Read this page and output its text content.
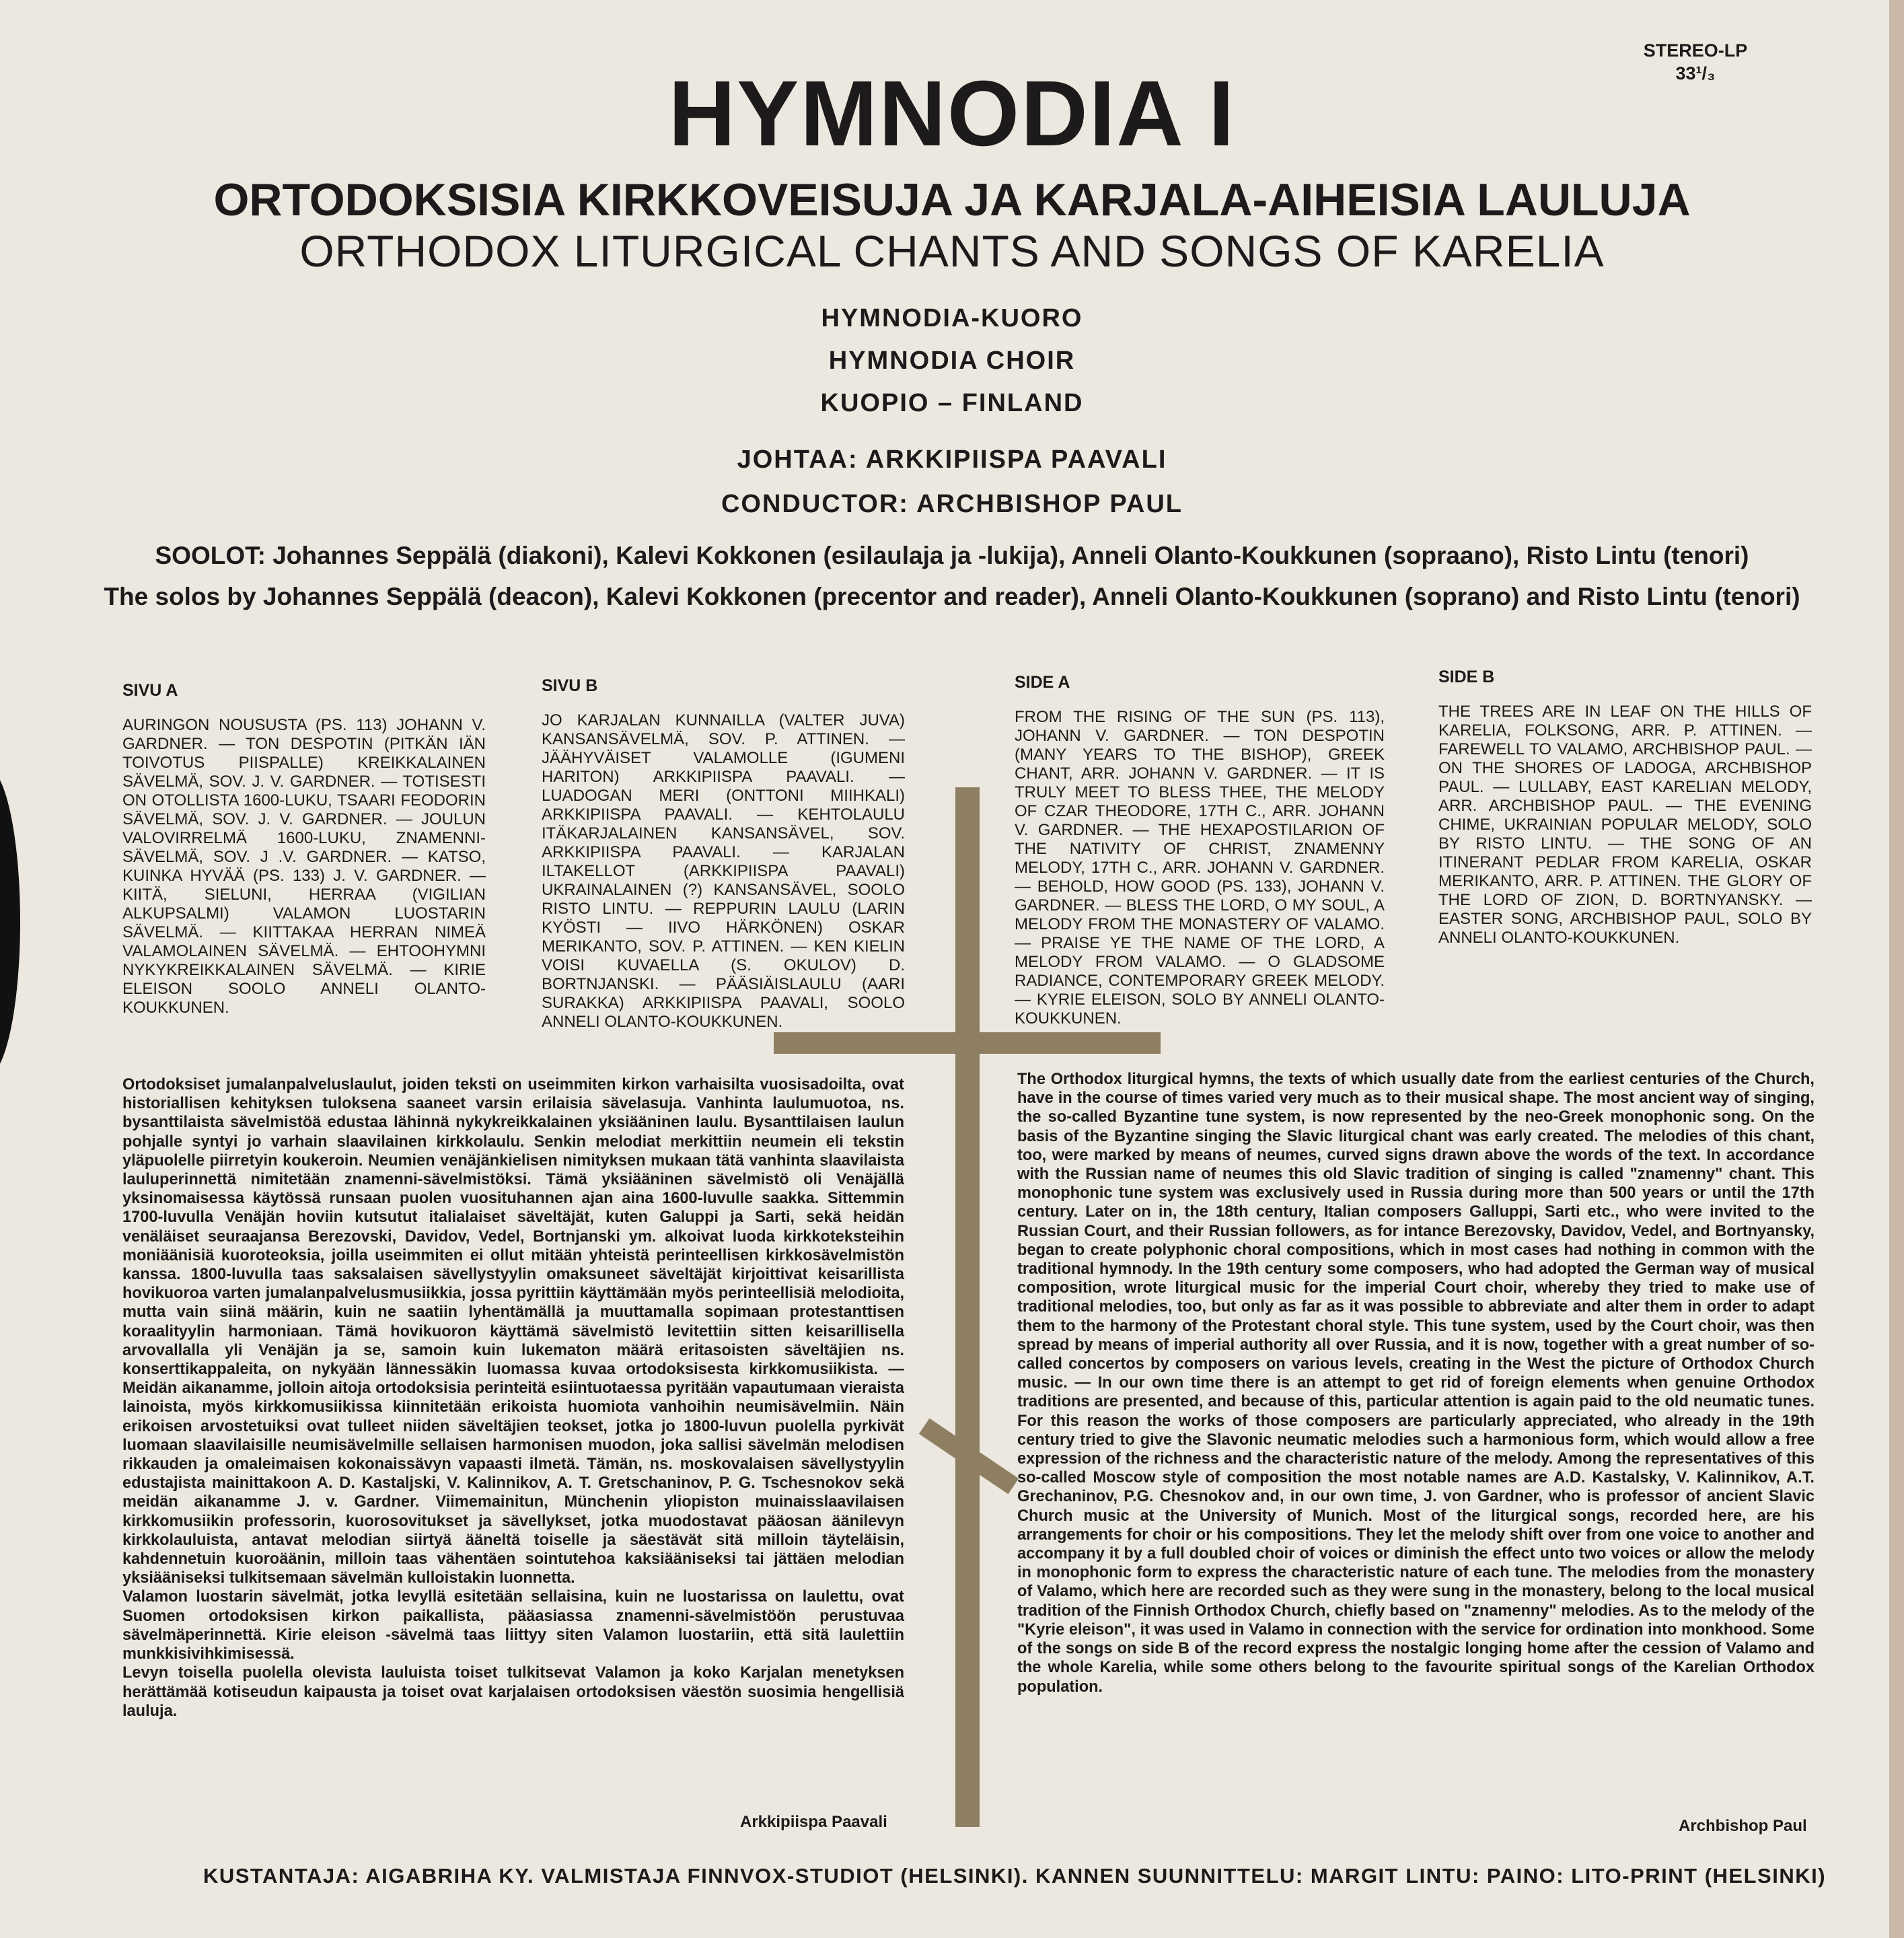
STEREO-LP
33¹/₃
HYMNODIA I
ORTODOKSISIA KIRKKOVEISUJA JA KARJALA-AIHEISIA LAULUJA
ORTHODOX LITURGICAL CHANTS AND SONGS OF KARELIA
HYMNODIA-KUORO
HYMNODIA CHOIR
KUOPIO – FINLAND
JOHTAA: ARKKIPIISPA PAAVALI
CONDUCTOR: ARCHBISHOP PAUL
SOOLOT: Johannes Seppälä (diakoni), Kalevi Kokkonen (esilaulaja ja -lukija), Anneli Olanto-Koukkunen (sopraano), Risto Lintu (tenori)
The solos by Johannes Seppälä (deacon), Kalevi Kokkonen (precentor and reader), Anneli Olanto-Koukkunen (soprano) and Risto Lintu (tenori)
SIVU A
AURINGON NOUSUSTA (PS. 113) JOHANN V. GARDNER. — TON DESPOTIN (PITKÄN IÄN TOIVOTUS PIISPALLE) KREIKKALAINEN SÄVELMÄ, SOV. J. V. GARDNER. — TOTISESTI ON OTOLLISTA 1600-LUKU, TSAARI FEODORIN SÄVELMÄ, SOV. J. V. GARDNER. — JOULUN VALOVIRRELMÄ 1600-LUKU, ZNAMENNI-SÄVELMÄ, SOV. J .V. GARDNER. — KATSO, KUINKA HYVÄÄ (PS. 133) J. V. GARDNER. — KIITÄ, SIELUNI, HERRAA (VIGILIAN ALKUPSALMI) VALAMON LUOSTARIN SÄVELMÄ. — KIITTAKAA HERRAN NIMEÄ VALAMOLAINEN SÄVELMÄ. — EHTOOHYMNI NYKYKREIKKALAINEN SÄVELMÄ. — KIRIE ELEISON SOOLO ANNELI OLANTO-KOUKKUNEN.
SIVU B
JO KARJALAN KUNNAILLA (VALTER JUVA) KANSANSÄVELMÄ, SOV. P. ATTINEN. — JÄÄHYVÄISET VALAMOLLE (IGUMENI HARITON) ARKKIPIISPA PAAVALI. — LUADOGAN MERI (ONTTONI MIIHKALI) ARKKIPIISPA PAAVALI. — KEHTOLAULU ITÄKARJALAINEN KANSANSÄVEL, SOV. ARKKIPIISPA PAAVALI. — KARJALAN ILTAKELLOT (ARKKIPIISPA PAAVALI) UKRAINALAINEN (?) KANSANSÄVEL, SOOLO RISTO LINTU. — REPPURIN LAULU (LARIN KYÖSTI — IIVO HÄRKÖNEN) OSKAR MERIKANTO, SOV. P. ATTINEN. — KEN KIELIN VOISI KUVAELLA (S. OKULOV) D. BORTNJANSKI. — PÄÄSIÄISLAULU (AARI SURAKKA) ARKKIPIISPA PAAVALI, SOOLO ANNELI OLANTO-KOUKKUNEN.
SIDE A
FROM THE RISING OF THE SUN (PS. 113), JOHANN V. GARDNER. — TON DESPOTIN (MANY YEARS TO THE BISHOP), GREEK CHANT, ARR. JOHANN V. GARDNER. — IT IS TRULY MEET TO BLESS THEE, THE MELODY OF CZAR THEODORE, 17TH C., ARR. JOHANN V. GARDNER. — THE HEXAPOSTILARION OF THE NATIVITY OF CHRIST, ZNAMENNY MELODY, 17TH C., ARR. JOHANN V. GARDNER. — BEHOLD, HOW GOOD (PS. 133), JOHANN V. GARDNER. — BLESS THE LORD, O MY SOUL, A MELODY FROM THE MONASTERY OF VALAMO. — PRAISE YE THE NAME OF THE LORD, A MELODY FROM VALAMO. — O GLADSOME RADIANCE, CONTEMPORARY GREEK MELODY. — KYRIE ELEISON, SOLO BY ANNELI OLANTO-KOUKKUNEN.
SIDE B
THE TREES ARE IN LEAF ON THE HILLS OF KARELIA, FOLKSONG, ARR. P. ATTINEN. — FAREWELL TO VALAMO, ARCHBISHOP PAUL. — ON THE SHORES OF LADOGA, ARCHBISHOP PAUL. — LULLABY, EAST KARELIAN MELODY, ARR. ARCHBISHOP PAUL. — THE EVENING CHIME, UKRAINIAN POPULAR MELODY, SOLO BY RISTO LINTU. — THE SONG OF AN ITINERANT PEDLAR FROM KARELIA, OSKAR MERIKANTO, ARR. P. ATTINEN. THE GLORY OF THE LORD OF ZION, D. BORTNYANSKY. — EASTER SONG, ARCHBISHOP PAUL, SOLO BY ANNELI OLANTO-KOUKKUNEN.
Ortodoksiset jumalanpalveluslaulut, joiden teksti on useimmiten kirkon varhaisilta vuosisadoilta, ovat historiallisen kehityksen tuloksena saaneet varsin erilaisia sävelasuja. Vanhinta laulumuotoa, ns. bysanttilaista sävelmistöä edustaa lähinnä nykykreikkalainen yksiääninen laulu. Bysanttilaisen laulun pohjalle syntyi jo varhain slaavilainen kirkkolaulu. Senkin melodiat merkittiin neumein eli tekstin yläpuolelle piirretyin koukeroin. Neumien venäjänkielisen nimityksen mukaan tätä vanhinta slaavilaista lauluperinnettä nimitetään znamenni-sävelmistöksi. Tämä yksiääninen sävelmistö oli Venäjällä yksinomaisessa käytössä runsaan puolen vuosituhannen ajan aina 1600-luvulle saakka. Sittemmin 1700-luvulla Venäjän hoviin kutsutut italialaiset säveltäjät, kuten Galuppi ja Sarti, sekä heidän venäläiset seuraajansa Berezovski, Davidov, Vedel, Bortnjanski ym. alkoivat luoda kirkkoteksteihin moniäänisiä kuoroteoksia, joilla useimmiten ei ollut mitään yhteistä perinteellisen kirkkosävelmistön kanssa. 1800-luvulla taas saksalaisen sävellystyylin omaksuneet säveltäjät kirjoittivat keisarillista hovikuoroa varten jumalanpalvelusmusiikkia, jossa pyrittiin käyttämään myös perinteellisiä melodioita, mutta vain siinä määrin, kuin ne saatiin lyhentämällä ja muuttamalla sopimaan protestanttisen koraalityylin harmoniaan. Tämä hovikuoron käyttämä sävelmistö levitettiin sitten keisarillisella arvovallalla yli Venäjän ja se, samoin kuin lukematon määrä eritasoisten säveltäjien ns. konserttikappaleita, on nykyään lännessäkin luomassa kuvaa ortodoksisesta kirkkomusiikista. — Meidän aikanamme, jolloin aitoja ortodoksisia perinteitä esiintuotaessa pyritään vapautumaan vieraista lainoista, myös kirkkomusiikissa kiinnitetään erikoista huomiota vanhoihin neumisävelmiin. Näin erikoisen arvostetuiksi ovat tulleet niiden säveltäjien teokset, jotka jo 1800-luvun puolella pyrkivät luomaan slaavilaisille neumisävelmille sellaisen harmonisen muodon, joka sallisi sävelmän melodisen rikkauden ja omaleimaisen kokonaissävyn vapaasti ilmetä. Tämän, ns. moskovalaisen sävellystyylin edustajista mainittakoon A. D. Kastaljski, V. Kalinnikov, A. T. Gretschaninov, P. G. Tschesnokov sekä meidän aikanamme J. v. Gardner. Viimemainitun, Münchenin yliopiston muinaisslaavilaisen kirkkomusiikin professorin, kuorosovitukset ja sävellykset, jotka muodostavat pääosan äänilevyn kirkkolauluista, antavat melodian siirtyä ääneltä toiselle ja säestävät sitä milloin täyteläisin, kahdennetuin kuoroäänin, milloin taas vähentäen sointutehoa kaksiääniseksi tai jättäen melodian yksiääniseksi tulkitsemaan sävelmän kulloistakin luonnetta.
Valamon luostarin sävelmät, jotka levyllä esitetään sellaisina, kuin ne luostarissa on laulettu, ovat Suomen ortodoksisen kirkon paikallista, pääasiassa znamenni-sävelmistöön perustuvaa sävelmäperinnettä. Kirie eleison -sävelmä taas liittyy siten Valamon luostariin, että sitä laulettiin munkkisivihkimisessä.
Levyn toisella puolella olevista lauluista toiset tulkitsevat Valamon ja koko Karjalan menetyksen herättämää kotiseudun kaipausta ja toiset ovat karjalaisen ortodoksisen väestön suosimia hengellisiä lauluja.
Arkkipiispa Paavali
The Orthodox liturgical hymns, the texts of which usually date from the earliest centuries of the Church, have in the course of times varied very much as to their musical shape. The most ancient way of singing, the so-called Byzantine tune system, is now represented by the neo-Greek monophonic song. On the basis of the Byzantine singing the Slavic liturgical chant was early created. The melodies of this chant, too, were marked by means of neumes, curved signs drawn above the words of the text. In accordance with the Russian name of neumes this old Slavic tradition of singing is called "znamenny" chant. This monophonic tune system was exclusively used in Russia during more than 500 years or until the 17th century. Later on in, the 18th century, Italian composers Galluppi, Sarti etc., who were invited to the Russian Court, and their Russian followers, as for intance Berezovsky, Davidov, Vedel, and Bortnyansky, began to create polyphonic choral compositions, which in most cases had nothing in common with the traditional hymnody. In the 19th century some composers, who had adopted the German way of musical composition, wrote liturgical music for the imperial Court choir, whereby they tried to make use of traditional melodies, too, but only as far as it was possible to abbreviate and alter them in order to adapt them to the harmony of the Protestant choral style. This tune system, used by the Court choir, was then spread by means of imperial authority all over Russia, and it is now, together with a great number of so-called concertos by composers on various levels, creating in the West the picture of Orthodox Church music. — In our own time there is an attempt to get rid of foreign elements when genuine Orthodox traditions are presented, and because of this, particular attention is again paid to the old neumatic tunes. For this reason the works of those composers are particularly appreciated, who already in the 19th century tried to give the Slavonic neumatic melodies such a harmonious form, which would allow a free expression of the richness and the characteristic nature of the melody. Among the representatives of this so-called Moscow style of composition the most notable names are A.D. Kastalsky, V. Kalinnikov, A.T. Grechaninov, P.G. Chesnokov and, in our own time, J. von Gardner, who is professor of ancient Slavic Church music at the University of Munich. Most of the liturgical songs, recorded here, are his arrangements for choir or his compositions. They let the melody shift over from one voice to another and accompany it by a full doubled choir of voices or diminish the effect unto two voices or allow the melody in monophonic form to express the characteristic nature of each tune. The melodies from the monastery of Valamo, which here are recorded such as they were sung in the monastery, belong to the local musical tradition of the Finnish Orthodox Church, chiefly based on "znamenny" melodies. As to the melody of the "Kyrie eleison", it was used in Valamo in connection with the service for ordination into monkhood. Some of the songs on side B of the record express the nostalgic longing home after the cession of Valamo and the whole Karelia, while some others belong to the favourite spiritual songs of the Karelian Orthodox population.
Archbishop Paul
KUSTANTAJA: AIGABRIHA KY. VALMISTAJA FINNVOX-STUDIOT (HELSINKI). KANNEN SUUNNITTELU: MARGIT LINTU: PAINO: LITO-PRINT (HELSINKI)
